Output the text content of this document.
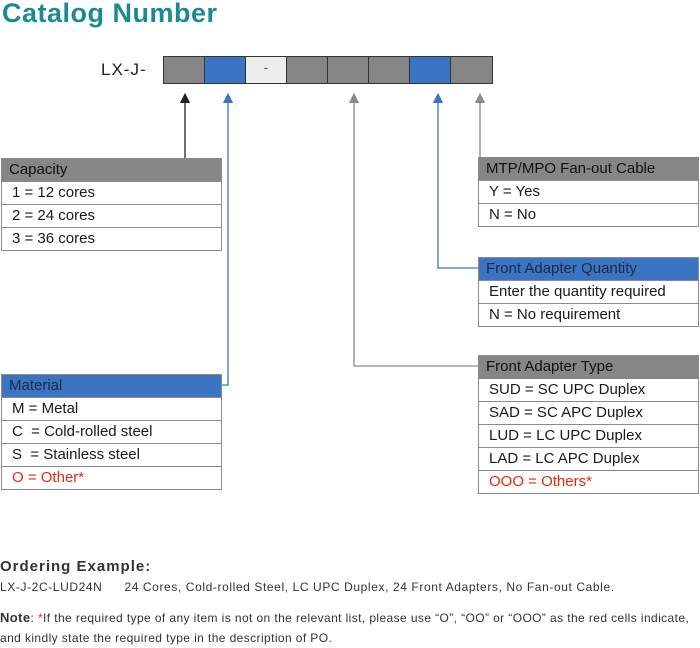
Catalog Number
LX-J-	-
Capacity
1 = 12 cores
2 = 24 cores
3 = 36 cores
Material
M = Metal
C  = Cold-rolled steel
S  = Stainless steel
O = Other*
MTP/MPO Fan-out Cable
Y = Yes
N = No
Front Adapter Quantity
Enter the quantity required
N = No requirement
Front Adapter Type
SUD = SC UPC Duplex
SAD = SC APC Duplex
LUD = LC UPC Duplex
LAD = LC APC Duplex
OOO = Others*
Ordering Example:
LX-J-2C-LUD24N 24 Cores, Cold-rolled Steel, LC UPC Duplex, 24 Front Adapters, No Fan-out Cable.
Note: *If the required type of any item is not on the relevant list, please use “O”, “OO” or “OOO” as the red cells indicate, and kindly state the required type in the description of PO.
